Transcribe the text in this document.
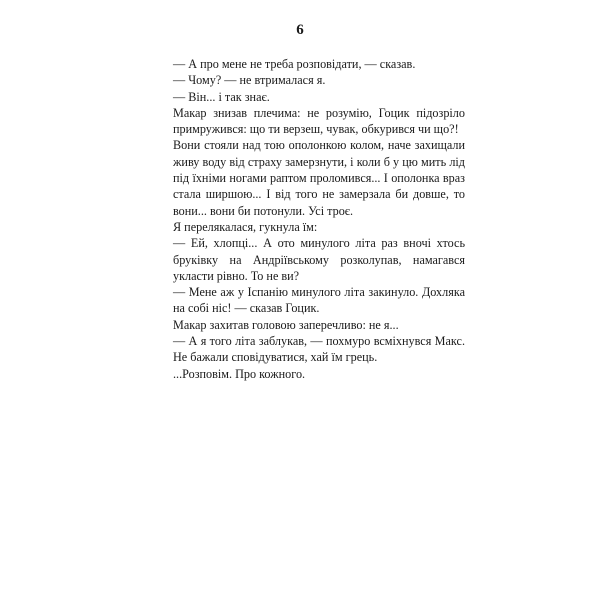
6

— А про мене не треба розповідати, — сказав.

— Чому? — не втрималася я.

— Він... і так знає.

Макар знизав плечима: не розумію, Гоцик підозріло примружився: що ти верзеш, чувак, обкурився чи що?!

Вони стояли над тою ополонкою колом, наче захищали живу воду від страху замерзнути, і коли б у цю мить лід під їхніми ногами раптом проломився... І ополонка враз стала ширшою... І від того не замерзала би довше, то вони... вони би потонули. Усі троє.

Я перелякалася, гукнула їм:

— Ей, хлопці... А ото минулого літа раз вночі хтось бруківку на Андріївському розколупав, намагався укласти рівно. То не ви?

— Мене аж у Іспанію минулого літа закинуло. Дохляка на собі ніс! — сказав Гоцик.

Макар захитав головою заперечливо: не я...

— А я того літа заблукав, — похмуро всміхнувся Макс. Не бажали сповідуватися, хай їм грець.

...Розповім. Про кожного.
